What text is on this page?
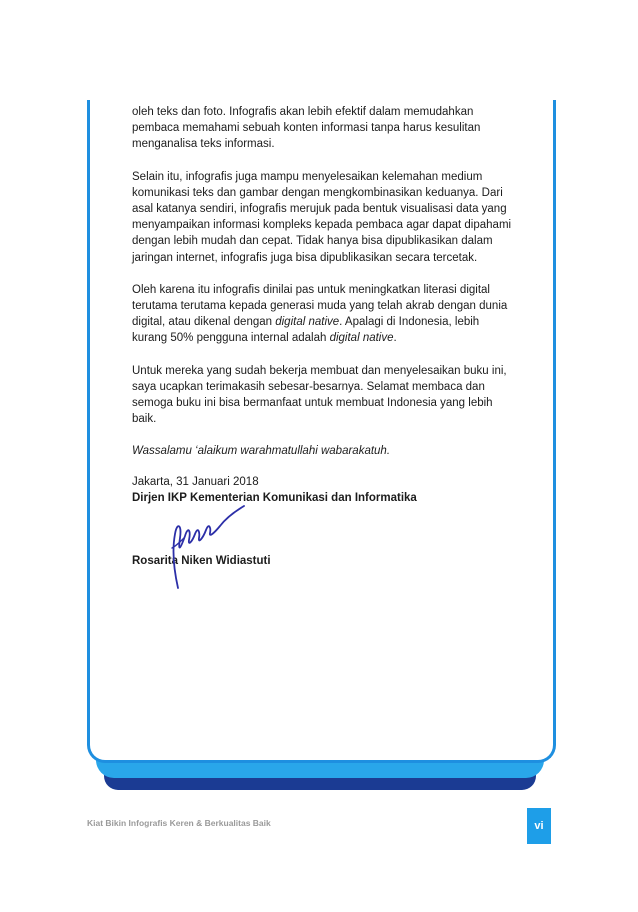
oleh teks dan foto. Infografis akan lebih efektif dalam memudahkan pembaca memahami sebuah konten informasi tanpa harus kesulitan menganalisa teks informasi.

Selain itu, infografis juga mampu menyelesaikan kelemahan medium komunikasi teks dan gambar dengan mengkombinasikan keduanya. Dari asal katanya sendiri, infografis merujuk pada bentuk visualisasi data yang menyampaikan informasi kompleks kepada pembaca agar dapat dipahami dengan lebih mudah dan cepat. Tidak hanya bisa dipublikasikan dalam jaringan internet, infografis juga bisa dipublikasikan secara tercetak.

Oleh karena itu infografis dinilai pas untuk meningkatkan literasi digital terutama terutama kepada generasi muda yang telah akrab dengan dunia digital, atau dikenal dengan digital native. Apalagi di Indonesia, lebih kurang 50% pengguna internal adalah digital native.

Untuk mereka yang sudah bekerja membuat dan menyelesaikan buku ini, saya ucapkan terimakasih sebesar-besarnya. Selamat membaca dan semoga buku ini bisa bermanfaat untuk membuat Indonesia yang lebih baik.

Wassalamu ‘alaikum warahmatullahi wabarakatuh.

Jakarta, 31 Januari 2018
Dirjen IKP Kementerian Komunikasi dan Informatika
Rosarita Niken Widiastuti
Kiat Bikin Infografis Keren & Berkualitas Baik	vi
